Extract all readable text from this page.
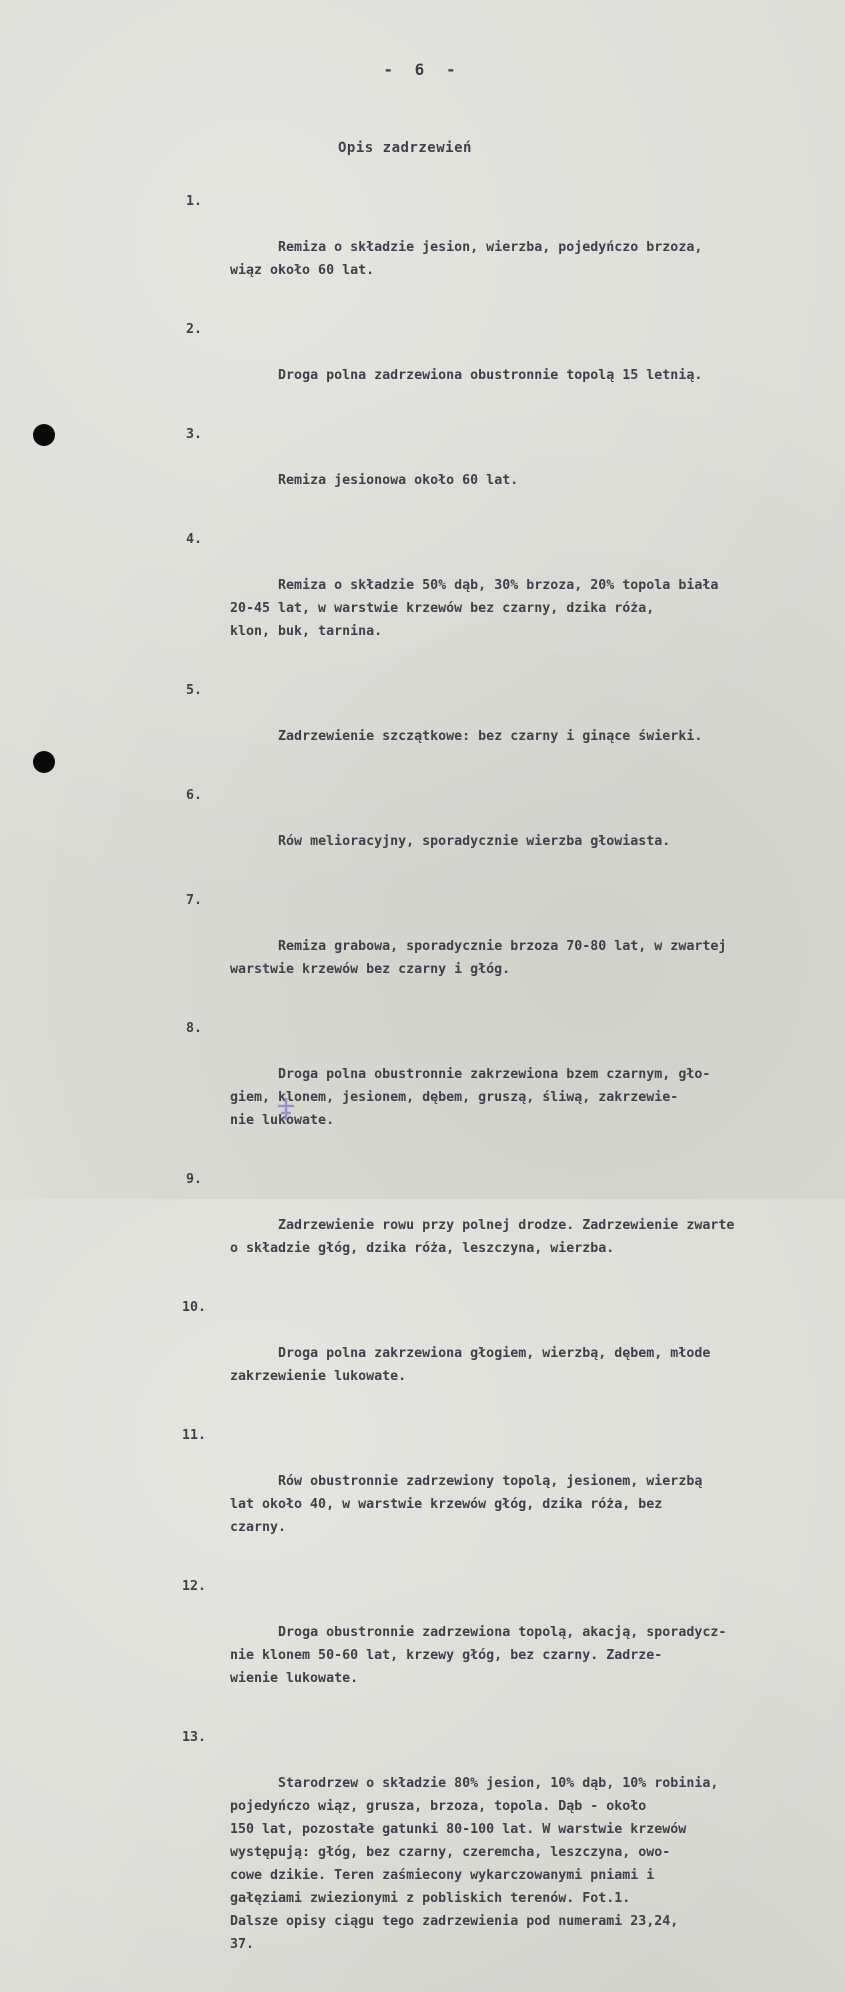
- 6 -
Opis zadrzewień

1.

Remiza o składzie jesion, wierzba, pojedyńczo brzoza,
wiąz około 60 lat.

2.

Droga polna zadrzewiona obustronnie topolą 15 letnią.

3.

Remiza jesionowa około 60 lat.

4.

Remiza o składzie 50% dąb, 30% brzoza, 20% topola biała
20-45 lat, w warstwie krzewów bez czarny, dzika róża,
klon, buk, tarnina.

5.

Zadrzewienie szczątkowe: bez czarny i ginące świerki.

6.

Rów melioracyjny, sporadycznie wierzba głowiasta.

7.

Remiza grabowa, sporadycznie brzoza 70-80 lat, w zwartej
warstwie krzewów bez czarny i głóg.

8.

Droga polna obustronnie zakrzewiona bzem czarnym, gło-
giem, klonem, jesionem, dębem, gruszą, śliwą, zakrzewie-
nie lukowate.

9.

Zadrzewienie rowu przy polnej drodze. Zadrzewienie zwarte
o składzie głóg, dzika róża, leszczyna, wierzba.

10.

Droga polna zakrzewiona głogiem, wierzbą, dębem, młode
zakrzewienie lukowate.

11.

Rów obustronnie zadrzewiony topolą, jesionem, wierzbą
lat około 40, w warstwie krzewów głóg, dzika róża, bez
czarny.

12.

Droga obustronnie zadrzewiona topolą, akacją, sporadycz-
nie klonem 50-60 lat, krzewy głóg, bez czarny. Zadrze-
wienie lukowate.

13.

Starodrzew o składzie 80% jesion, 10% dąb, 10% robinia,
pojedyńczo wiąz, grusza, brzoza, topola. Dąb - około
150 lat, pozostałe gatunki 80-100 lat. W warstwie krzewów
występują: głóg, bez czarny, czeremcha, leszczyna, owo-
cowe dzikie. Teren zaśmiecony wykarczowanymi pniami i
gałęziami zwiezionymi z pobliskich terenów. Fot.1.
Dalsze opisy ciągu tego zadrzewienia pod numerami 23,24,
37.
